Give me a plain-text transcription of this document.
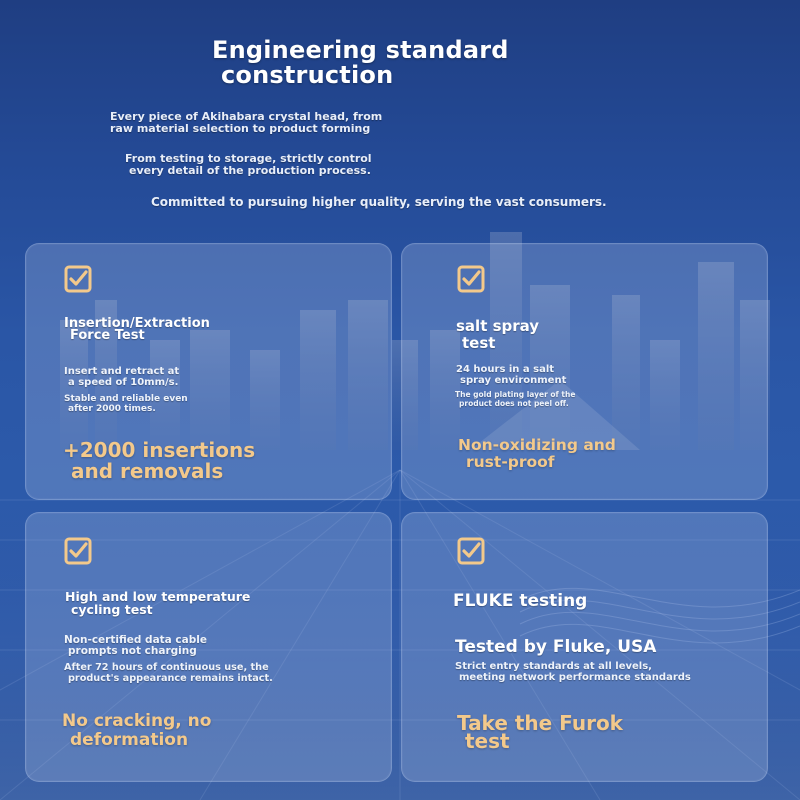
Engineering standard
construction
Every piece of Akihabara crystal head, from
raw material selection to product forming
From testing to storage, strictly control
every detail of the production process.
Committed to pursuing higher quality, serving the vast consumers.
Insertion/Extraction
Force Test
Insert and retract at
a speed of 10mm/s.
Stable and reliable even
after 2000 times.
+2000 insertions
and removals
salt spray
test
24 hours in a salt
spray environment
The gold plating layer of the
product does not peel off.
Non-oxidizing and
rust-proof
High and low temperature
cycling test
Non-certified data cable
prompts not charging
After 72 hours of continuous use, the
product's appearance remains intact.
No cracking, no
deformation
FLUKE testing
Tested by Fluke, USA
Strict entry standards at all levels,
meeting network performance standards
Take the Furok
test
